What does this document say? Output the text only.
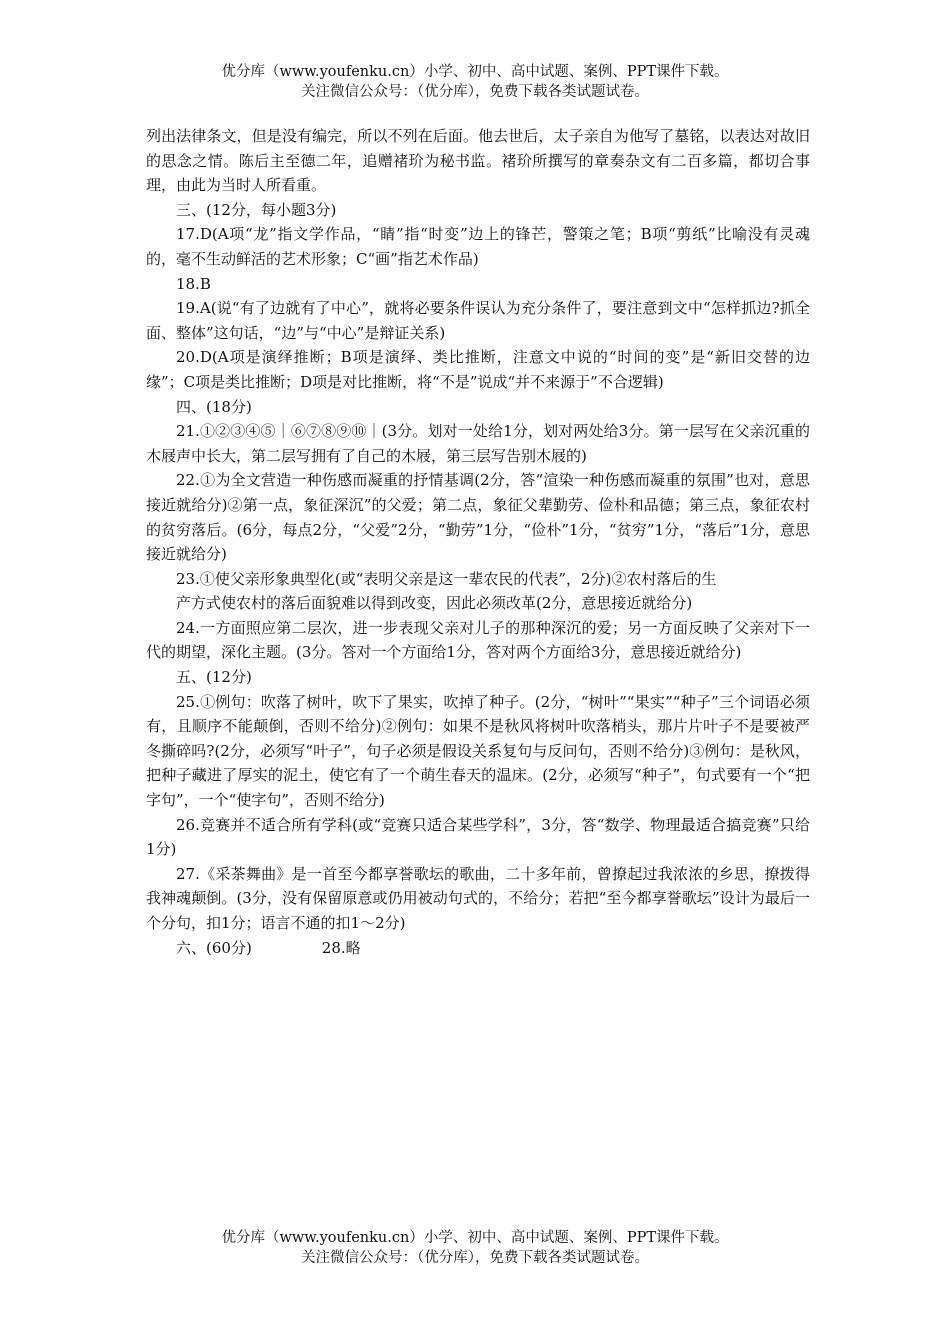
优分库（www.youfenku.cn）小学、初中、高中试题、案例、PPT课件下载。
关注微信公众号：（优分库），免费下载各类试题试卷。

列出法律条文，但是没有编完，所以不列在后面。他去世后，太子亲自为他写了墓铭，以表达对故旧的思念之情。陈后主至德二年，追赠褚玠为秘书监。褚玠所撰写的章奏杂文有二百多篇，都切合事理，由此为当时人所看重。

三、(12分，每小题3分)

17.D(A项“龙”指文学作品，“睛”指“时变”边上的锋芒，警策之笔；B项“剪纸”比喻没有灵魂的，毫不生动鲜活的艺术形象；C“画”指艺术作品)

18.B

19.A(说“有了边就有了中心”，就将必要条件误认为充分条件了，要注意到文中“怎样抓边?抓全面、整体”这句话，“边”与“中心”是辩证关系)

20.D(A项是演绎推断；B项是演绎、类比推断，注意文中说的“时间的变”是“新旧交替的边缘”；C项是类比推断；D项是对比推断，将“不是”说成“并不来源于”不合逻辑)

四、(18分)

21.①②③④⑤｜⑥⑦⑧⑨⑩｜(3分。划对一处给1分，划对两处给3分。第一层写在父亲沉重的木屐声中长大，第二层写拥有了自己的木屐，第三层写告别木屐的)

22.①为全文营造一种伤感而凝重的抒情基调(2分，答“渲染一种伤感而凝重的氛围”也对，意思接近就给分)②第一点，象征深沉”的父爱；第二点，象征父辈勤劳、俭朴和品德；第三点，象征农村的贫穷落后。(6分，每点2分，“父爱”2分，“勤劳”1分，“俭朴”1分，“贫穷”1分，“落后”1分，意思接近就给分)

23.①使父亲形象典型化(或“表明父亲是这一辈农民的代表”，2分)②农村落后的生

产方式使农村的落后面貌难以得到改变，因此必须改革(2分，意思接近就给分)

24.一方面照应第二层次，进一步表现父亲对儿子的那种深沉的爱；另一方面反映了父亲对下一代的期望，深化主题。(3分。答对一个方面给1分，答对两个方面给3分，意思接近就给分)

五、(12分)

25.①例句：吹落了树叶，吹下了果实，吹掉了种子。(2分，“树叶”“果实”“种子”三个词语必须有，且顺序不能颠倒，否则不给分)②例句：如果不是秋风将树叶吹落梢头，那片片叶子不是要被严冬撕碎吗?(2分，必须写“叶子”，句子必须是假设关系复句与反问句，否则不给分)③例句：是秋风，把种子藏进了厚实的泥土，使它有了一个萌生春天的温床。(2分，必须写“种子”，句式要有一个“把字句”，一个“使字句”，否则不给分)

26.竞赛并不适合所有学科(或“竞赛只适合某些学科”，3分，答“数学、物理最适合搞竞赛”只给1分)

27.《采茶舞曲》是一首至今都享誉歌坛的歌曲，二十多年前，曾撩起过我浓浓的乡思，撩拨得我神魂颠倒。(3分，没有保留原意或仍用被动句式的，不给分；若把“至今都享誉歌坛”设计为最后一个分句，扣1分；语言不通的扣1～2分)

六、(60分)	28.略

优分库（www.youfenku.cn）小学、初中、高中试题、案例、PPT课件下载。
关注微信公众号：（优分库），免费下载各类试题试卷。
